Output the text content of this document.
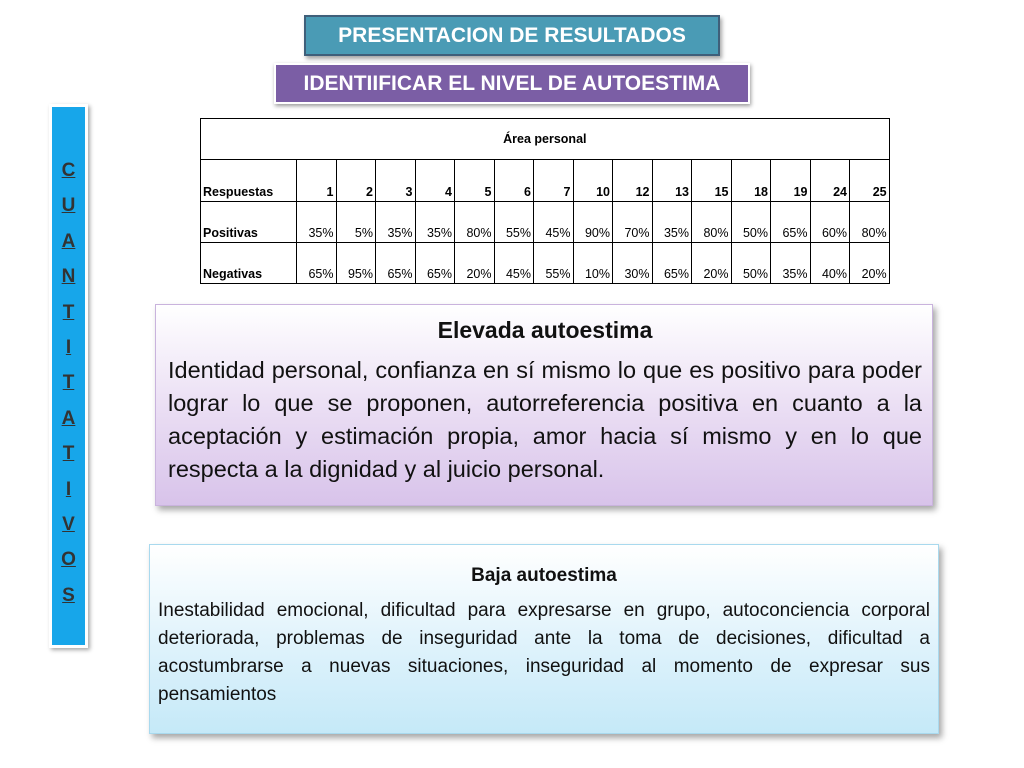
PRESENTACION DE RESULTADOS
IDENTIIFICAR EL NIVEL DE AUTOESTIMA
C
U
A
N
T
I
T
A
T
I
V
O
S
Área personal															
Respuestas	1	2	3	4	5	6	7	10	12	13	15	18	19	24	25
Positivas	35%	5%	35%	35%	80%	55%	45%	90%	70%	35%	80%	50%	65%	60%	80%
Negativas	65%	95%	65%	65%	20%	45%	55%	10%	30%	65%	20%	50%	35%	40%	20%
Elevada autoestima
Identidad personal, confianza en sí mismo lo que es positivo para poder lograr lo que se proponen, autorreferencia positiva en cuanto a la aceptación y estimación propia, amor hacia sí mismo y en lo que respecta a la dignidad y al juicio personal.
Baja autoestima
Inestabilidad emocional, dificultad para expresarse en grupo, autoconciencia corporal deteriorada, problemas de inseguridad ante la toma de decisiones, dificultad a acostumbrarse a nuevas situaciones, inseguridad al momento de expresar sus pensamientos
